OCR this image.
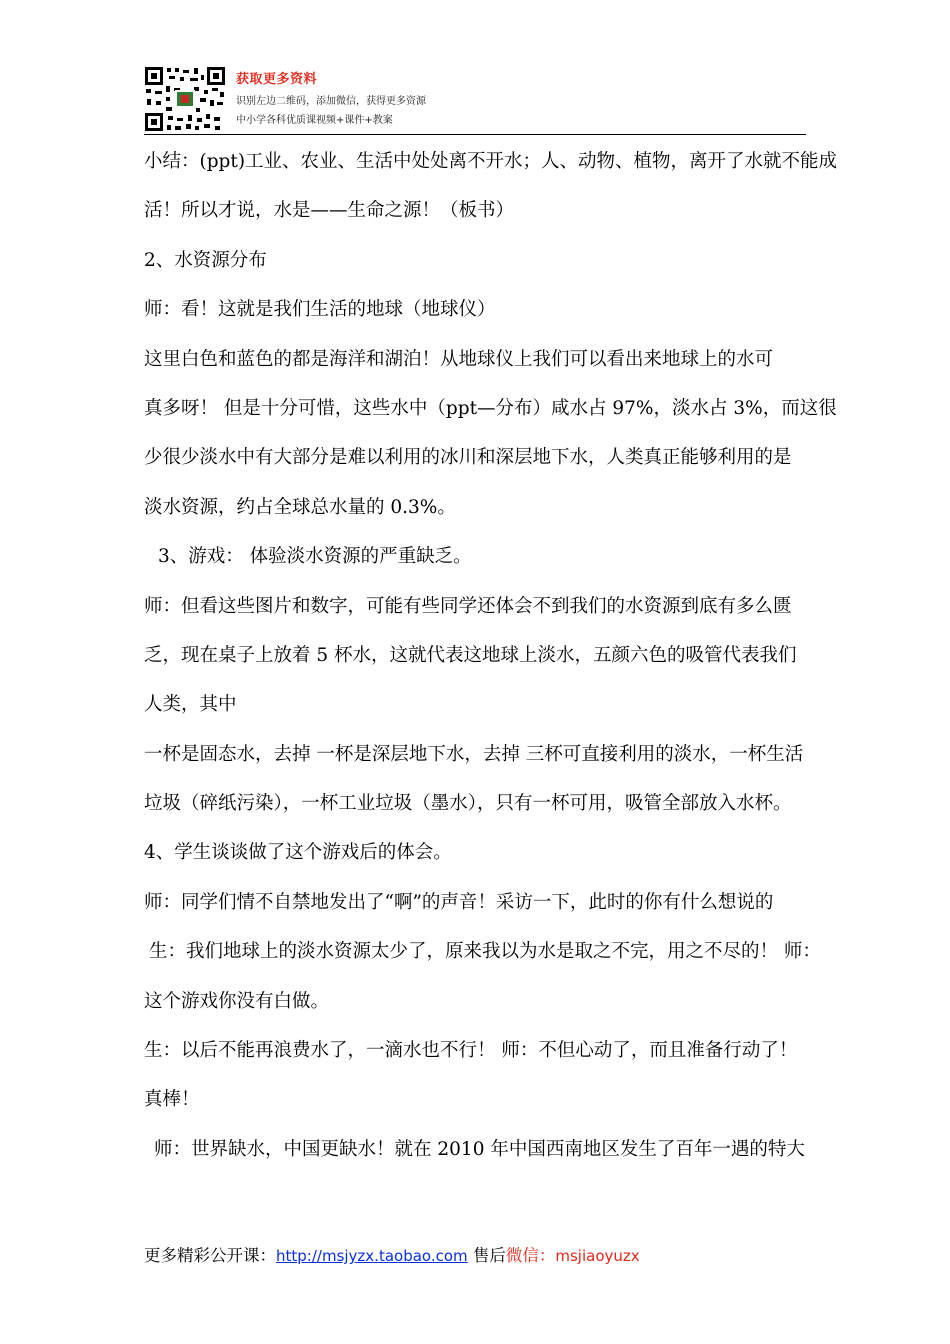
获取更多资料
识别左边二维码，添加微信，获得更多资源
中小学各科优质课视频+课件+教案

小结：(ppt)工业、农业、生活中处处离不开水；人、动物、植物，离开了水就不能成

活！所以才说，水是——生命之源！（板书）

2、水资源分布

师：看！这就是我们生活的地球（地球仪）

这里白色和蓝色的都是海洋和湖泊！从地球仪上我们可以看出来地球上的水可

真多呀！ 但是十分可惜，这些水中（ppt—分布）咸水占 97%，淡水占 3%，而这很

少很少淡水中有大部分是难以利用的冰川和深层地下水，人类真正能够利用的是

淡水资源，约占全球总水量的 0.3%。

3、游戏： 体验淡水资源的严重缺乏。

师：但看这些图片和数字，可能有些同学还体会不到我们的水资源到底有多么匮

乏，现在桌子上放着 5 杯水，这就代表这地球上淡水，五颜六色的吸管代表我们

人类，其中

一杯是固态水，去掉 一杯是深层地下水，去掉 三杯可直接利用的淡水，一杯生活

垃圾（碎纸污染），一杯工业垃圾（墨水），只有一杯可用，吸管全部放入水杯。

4、学生谈谈做了这个游戏后的体会。

师：同学们情不自禁地发出了“啊”的声音！采访一下，此时的你有什么想说的

生：我们地球上的淡水资源太少了，原来我以为水是取之不完，用之不尽的！ 师：

这个游戏你没有白做。

生：以后不能再浪费水了，一滴水也不行！ 师：不但心动了，而且准备行动了！

真棒！

师：世界缺水，中国更缺水！就在 2010 年中国西南地区发生了百年一遇的特大

更多精彩公开课：http://msjyzx.taobao.com 售后微信：msjiaoyuzx
